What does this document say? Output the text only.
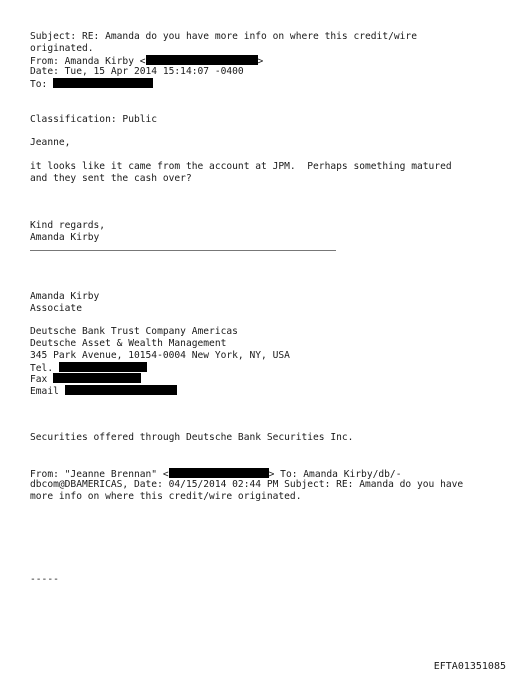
Subject: RE: Amanda do you have more info on where this credit/wire
originated.
From: Amanda Kirby <	>
Date: Tue, 15 Apr 2014 15:14:07 -0400
To:
Classification: Public
Jeanne,
it looks like it came from the account at JPM.  Perhaps something matured
and they sent the cash over?
Kind regards,
Amanda Kirby
Amanda Kirby
Associate
Deutsche Bank Trust Company Americas
Deutsche Asset & Wealth Management
345 Park Avenue, 10154-0004 New York, NY, USA
Tel.
Fax
Email
Securities offered through Deutsche Bank Securities Inc.
From: "Jeanne Brennan" <	> To: Amanda Kirby/db/-
dbcom@DBAMERICAS, Date: 04/15/2014 02:44 PM Subject: RE: Amanda do you have
more info on where this credit/wire originated.
-----
EFTA01351085
